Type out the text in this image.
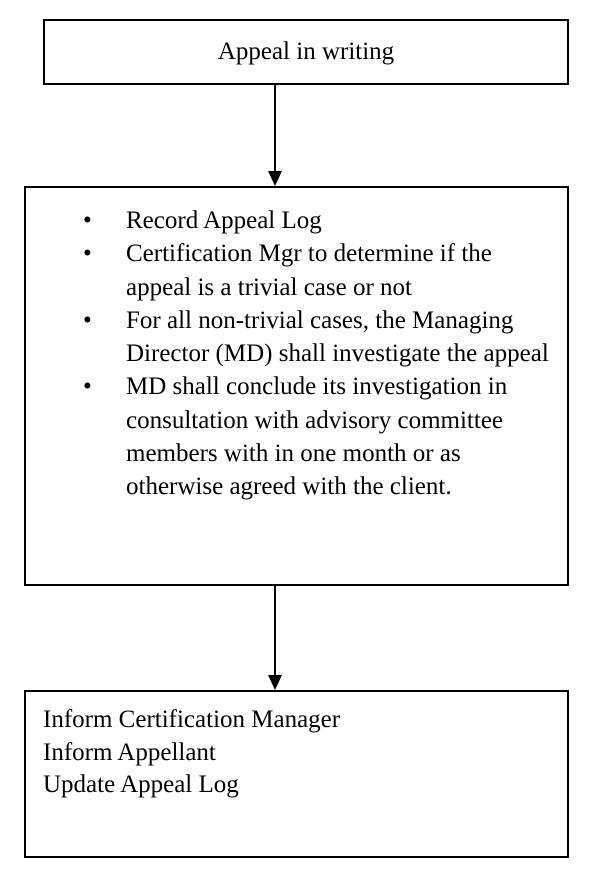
Appeal in writing
• Record Appeal Log
• Certification Mgr to determine if the appeal is a trivial case or not
• For all non-trivial cases, the Managing Director (MD) shall investigate the appeal
• MD shall conclude its investigation in consultation with advisory committee members with in one month or as otherwise agreed with the client.
Inform Certification Manager
Inform Appellant
Update Appeal Log
